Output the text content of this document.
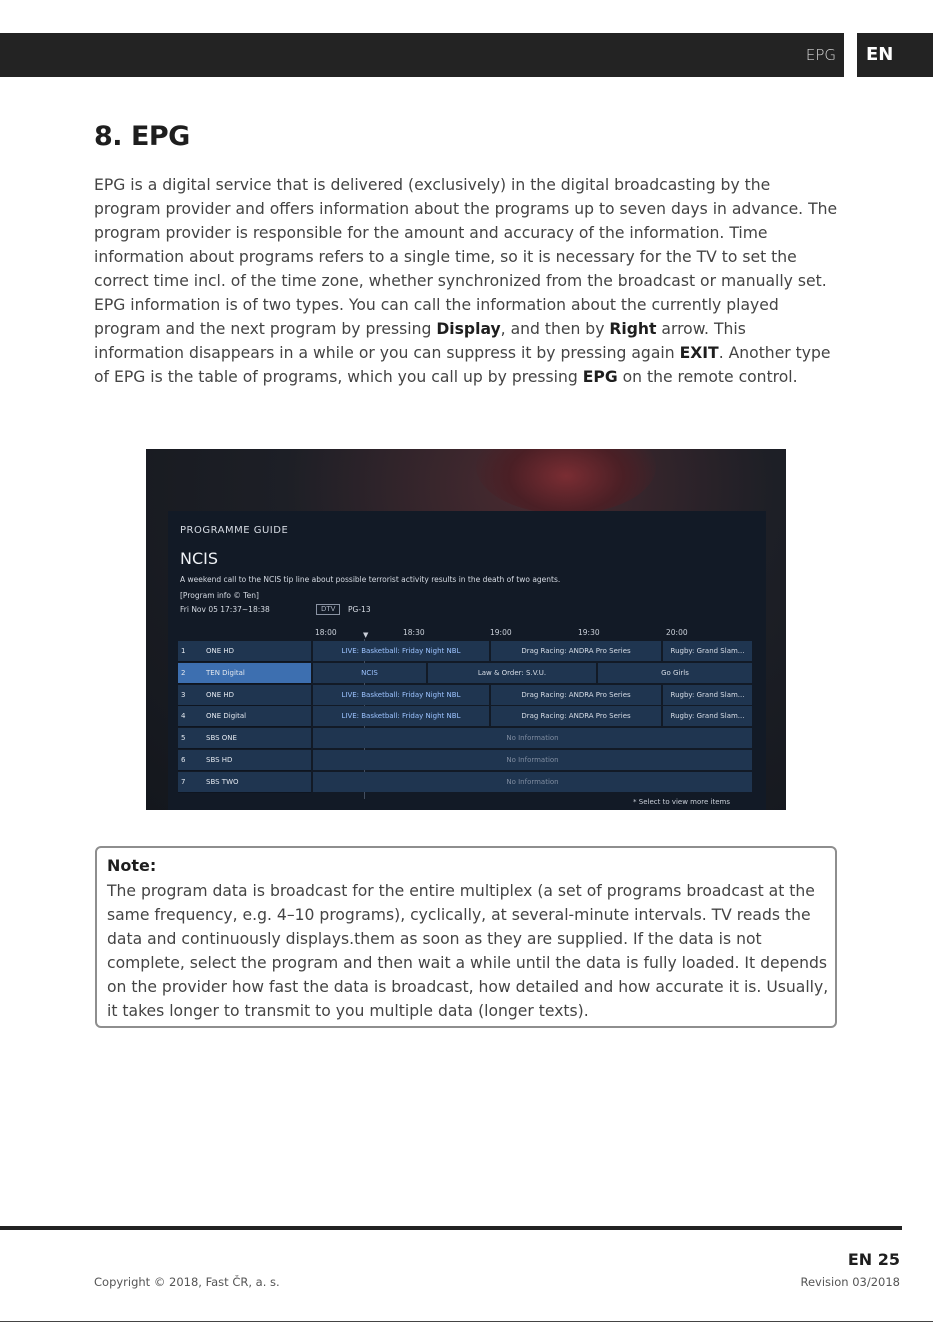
EPG EN
8. EPG

EPG is a digital service that is delivered (exclusively) in the digital broadcasting by the program provider and offers information about the programs up to seven days in advance. The program provider is responsible for the amount and accuracy of the information. Time information about programs refers to a single time, so it is necessary for the TV to set the correct time incl. of the time zone, whether synchronized from the broadcast or manually set.

EPG information is of two types. You can call the information about the currently played program and the next program by pressing Display, and then by Right arrow. This information disappears in a while or you can suppress it by pressing again EXIT. Another type of EPG is the table of programs, which you call up by pressing EPG on the remote control.

PROGRAMME GUIDE
NCIS
A weekend call to the NCIS tip line about possible terrorist activity results in the death of two agents.
[Program info © Ten]
Fri Nov 05 17:37~18:38	DTV	PG-13
18:00	18:30	19:00	19:30	20:00
▼
1	ONE HD	LIVE: Basketball: Friday Night NBL	Drag Racing: ANDRA Pro Series	Rugby: Grand Slam...
2	TEN Digital	NCIS	Law & Order: S.V.U.	Go Girls
3	ONE HD	LIVE: Basketball: Friday Night NBL	Drag Racing: ANDRA Pro Series	Rugby: Grand Slam...
4	ONE Digital	LIVE: Basketball: Friday Night NBL	Drag Racing: ANDRA Pro Series	Rugby: Grand Slam...
5	SBS ONE	No Information
6	SBS HD	No Information
7	SBS TWO	No Information
* Select to view more items

Note:

The program data is broadcast for the entire multiplex (a set of programs broadcast at the same frequency, e.g. 4–10 programs), cyclically, at several-minute intervals. TV reads the data and continuously displays.them as soon as they are supplied. If the data is not complete, select the program and then wait a while until the data is fully loaded. It depends on the provider how fast the data is broadcast, how detailed and how accurate it is. Usually, it takes longer to transmit to you multiple data (longer texts).

EN 25
Copyright © 2018, Fast ČR, a. s.	Revision 03/2018
